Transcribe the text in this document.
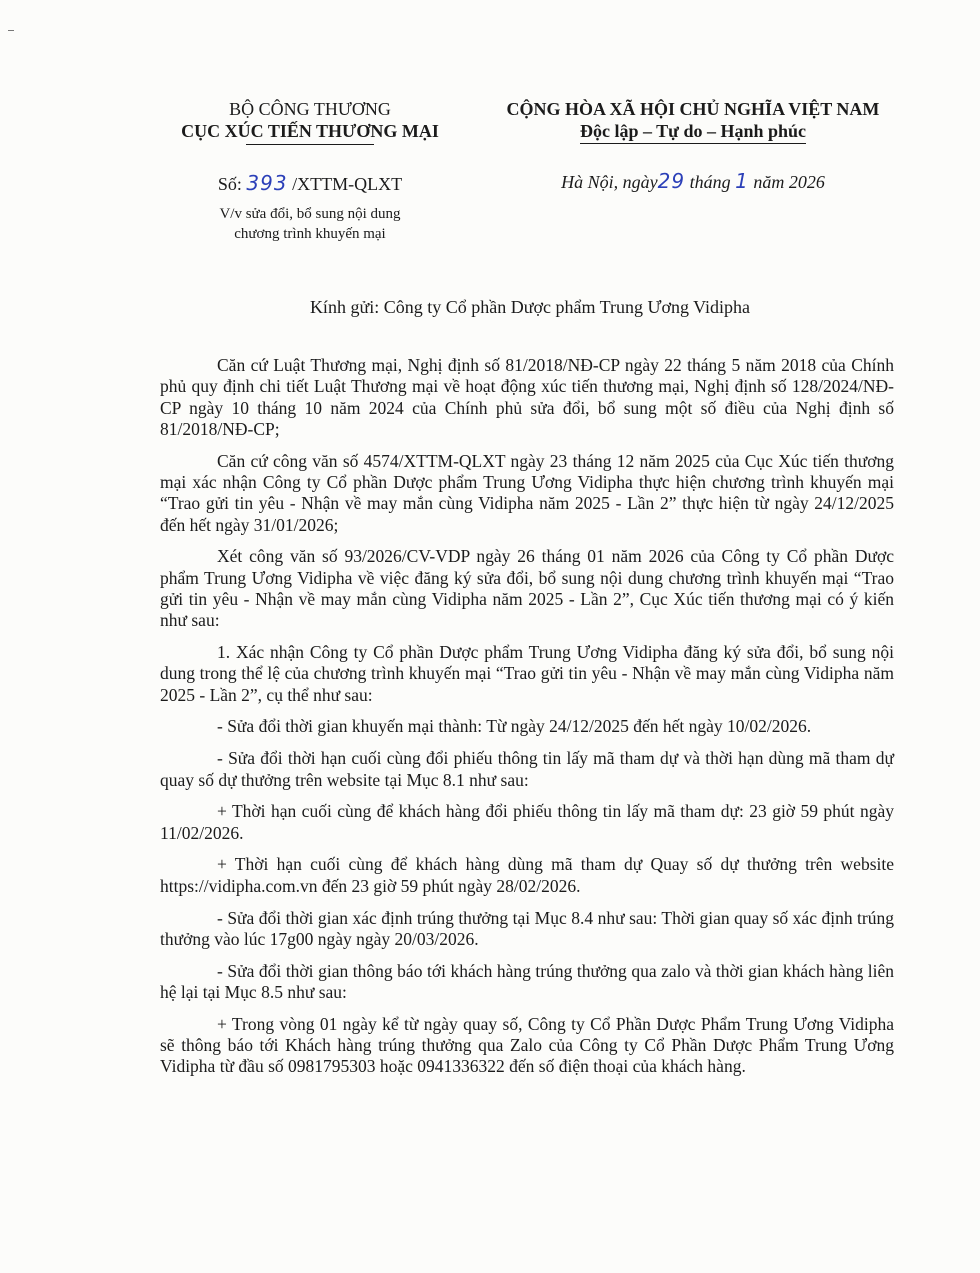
BỘ CÔNG THƯƠNG
CỤC XÚC TIẾN THƯƠNG MẠI
CỘNG HÒA XÃ HỘI CHỦ NGHĨA VIỆT NAM
Độc lập – Tự do – Hạnh phúc
Số: 393 /XTTM-QLXT
V/v sửa đổi, bổ sung nội dung
chương trình khuyến mại
Hà Nội, ngày29 tháng 1 năm 2026
Kính gửi: Công ty Cổ phần Dược phẩm Trung Ương Vidipha

Căn cứ Luật Thương mại, Nghị định số 81/2018/NĐ-CP ngày 22 tháng 5 năm 2018 của Chính phủ quy định chi tiết Luật Thương mại về hoạt động xúc tiến thương mại, Nghị định số 128/2024/NĐ-CP ngày 10 tháng 10 năm 2024 của Chính phủ sửa đổi, bổ sung một số điều của Nghị định số 81/2018/NĐ-CP;

Căn cứ công văn số 4574/XTTM-QLXT ngày 23 tháng 12 năm 2025 của Cục Xúc tiến thương mại xác nhận Công ty Cổ phần Dược phẩm Trung Ương Vidipha thực hiện chương trình khuyến mại “Trao gửi tin yêu - Nhận về may mắn cùng Vidipha năm 2025 - Lần 2” thực hiện từ ngày 24/12/2025 đến hết ngày 31/01/2026;

Xét công văn số 93/2026/CV-VDP ngày 26 tháng 01 năm 2026 của Công ty Cổ phần Dược phẩm Trung Ương Vidipha về việc đăng ký sửa đổi, bổ sung nội dung chương trình khuyến mại “Trao gửi tin yêu - Nhận về may mắn cùng Vidipha năm 2025 - Lần 2”, Cục Xúc tiến thương mại có ý kiến như sau:

1. Xác nhận Công ty Cổ phần Dược phẩm Trung Ương Vidipha đăng ký sửa đổi, bổ sung nội dung trong thể lệ của chương trình khuyến mại “Trao gửi tin yêu - Nhận về may mắn cùng Vidipha năm 2025 - Lần 2”, cụ thể như sau:

- Sửa đổi thời gian khuyến mại thành: Từ ngày 24/12/2025 đến hết ngày 10/02/2026.

- Sửa đổi thời hạn cuối cùng đổi phiếu thông tin lấy mã tham dự và thời hạn dùng mã tham dự quay số dự thưởng trên website tại Mục 8.1 như sau:

+ Thời hạn cuối cùng để khách hàng đổi phiếu thông tin lấy mã tham dự: 23 giờ 59 phút ngày 11/02/2026.

+ Thời hạn cuối cùng để khách hàng dùng mã tham dự Quay số dự thưởng trên website https://vidipha.com.vn đến 23 giờ 59 phút ngày 28/02/2026.

- Sửa đổi thời gian xác định trúng thưởng tại Mục 8.4 như sau: Thời gian quay số xác định trúng thưởng vào lúc 17g00 ngày ngày 20/03/2026.

- Sửa đổi thời gian thông báo tới khách hàng trúng thưởng qua zalo và thời gian khách hàng liên hệ lại tại Mục 8.5 như sau:

+ Trong vòng 01 ngày kể từ ngày quay số, Công ty Cổ Phần Dược Phẩm Trung Ương Vidipha sẽ thông báo tới Khách hàng trúng thưởng qua Zalo của Công ty Cổ Phần Dược Phẩm Trung Ương Vidipha từ đầu số 0981795303 hoặc 0941336322 đến số điện thoại của khách hàng.
